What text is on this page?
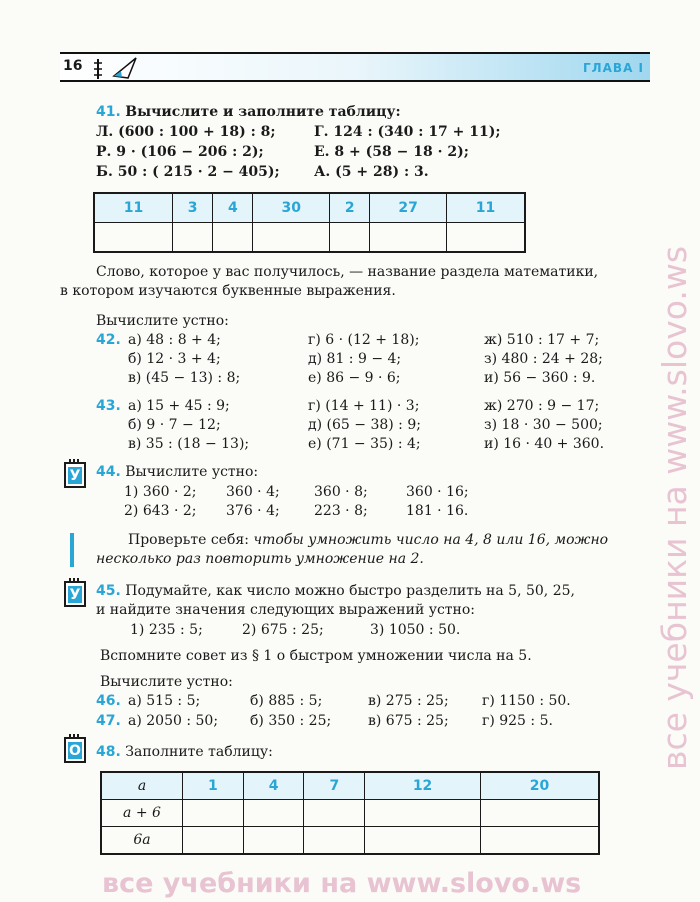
16	ГЛАВА I
41. Вычислите и заполните таблицу:
Л. (600 : 100 + 18) : 8;	Г. 124 : (340 : 17 + 11);
Р. 9 · (106 − 206 : 2);	Е. 8 + (58 − 18 · 2);
Б. 50 : ( 215 · 2 − 405); А. (5 + 28) : 3.
11	3	4	30	2	27	11

Слово, которое у вас получилось, — название раздела математики,
в котором изучаются буквенные выражения.
Вычислите устно:
42. а) 48 : 8 + 4;	г) 6 · (12 + 18);	ж) 510 : 17 + 7;
б) 12 · 3 + 4;	д) 81 : 9 − 4;	з) 480 : 24 + 28;
в) (45 − 13) : 8;	е) 86 − 9 · 6;	и) 56 − 360 : 9.
43. а) 15 + 45 : 9;	г) (14 + 11) · 3;	ж) 270 : 9 − 17;
б) 9 · 7 − 12;	д) (65 − 38) : 9;	з) 18 · 30 − 500;
в) 35 : (18 − 13);	е) (71 − 35) : 4;	и) 16 · 40 + 360.
У 44. Вычислите устно:
1) 360 · 2; 360 · 4; 360 · 8;	360 · 16;
2) 643 · 2; 376 · 4; 223 · 8;	181 · 16.
Проверьте себя: чтобы умножить число на 4, 8 или 16, можно
несколько раз повторить умножение на 2.
У 45. Подумайте, как число можно быстро разделить на 5, 50, 25,
и найдите значения следующих выражений устно:
1) 235 : 5;	2) 675 : 25;	3) 1050 : 50.
Вспомните совет из § 1 о быстром умножении числа на 5.
Вычислите устно:
46. а) 515 : 5;	б) 885 : 5;	в) 275 : 25; г) 1150 : 50.
47. а) 2050 : 50; б) 350 : 25;	в) 675 : 25; г) 925 : 5.
О 48. Заполните таблицу:
a	1	4	7	12	20
a + 6					
6a					
все учебники на www.slovo.ws
все учебники на www.slovo.ws
